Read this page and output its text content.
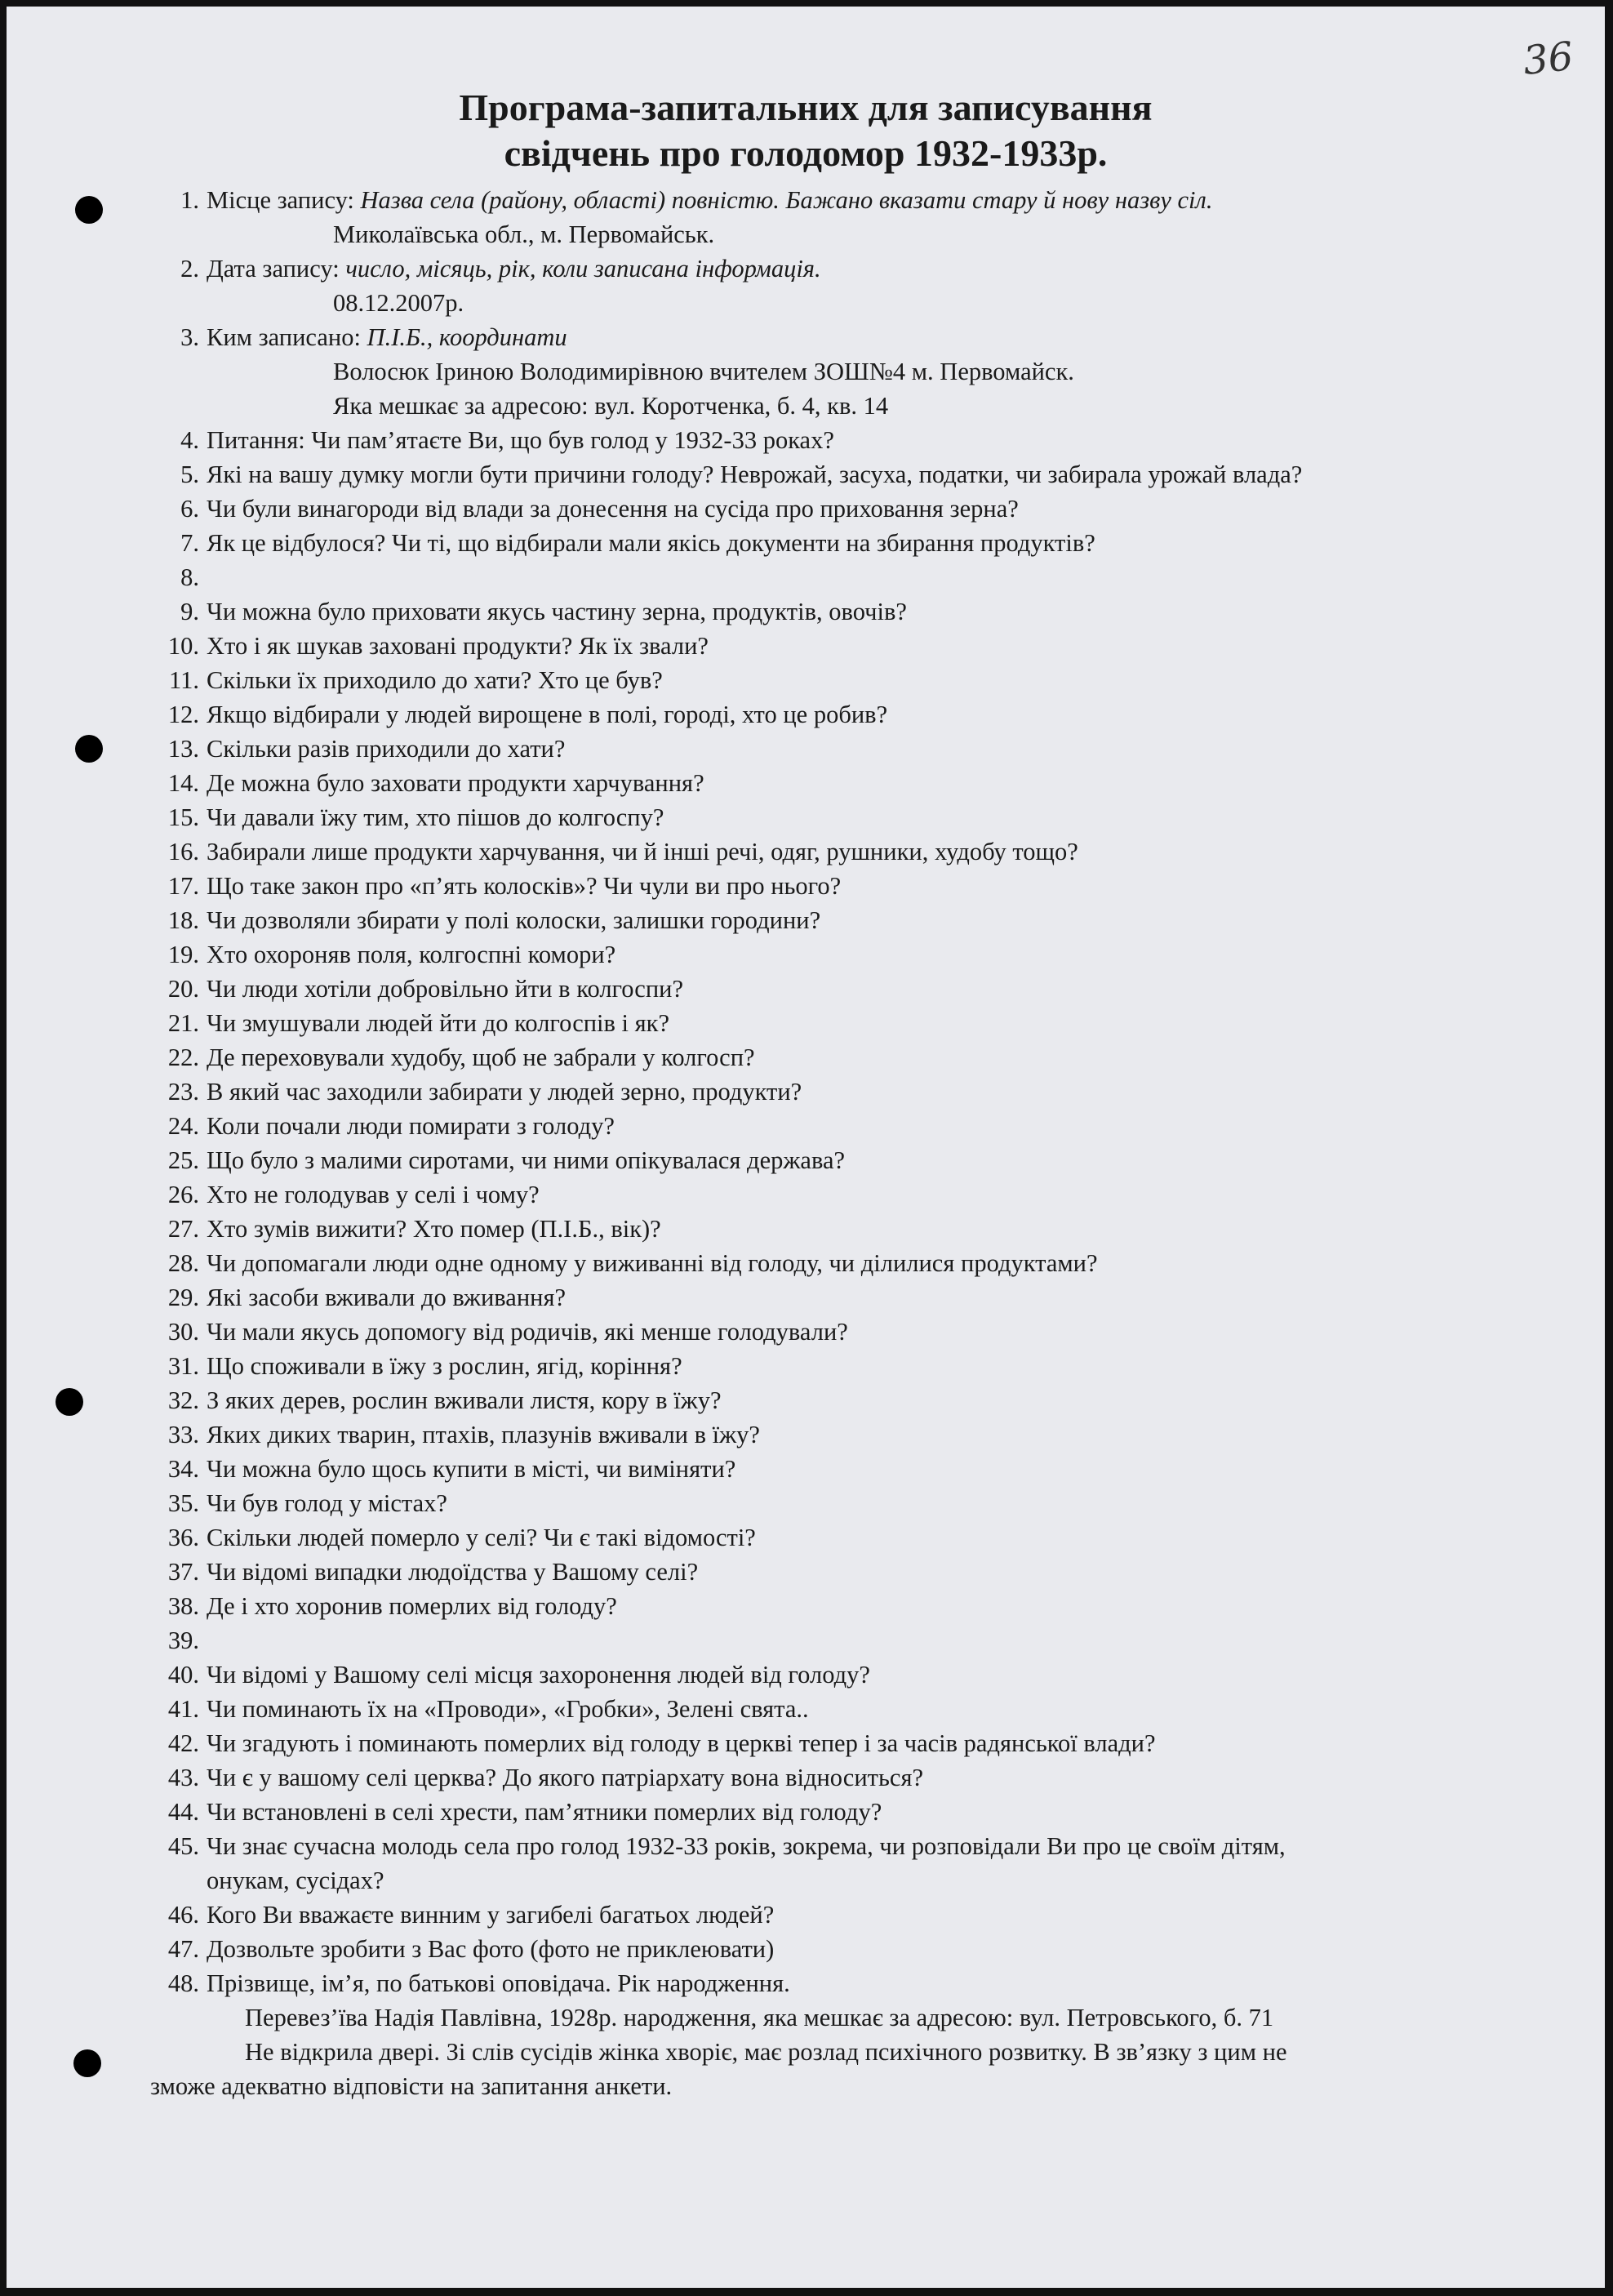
36
Програма-запитальних для записування
свідчень про голодомор 1932-1933р.
1. Місце запису: Назва села (району, області) повністю. Бажано вказати стару й нову назву сіл.
Миколаївська обл., м. Первомайськ.
2. Дата запису: число, місяць, рік, коли записана інформація.
08.12.2007р.
3. Ким записано: П.І.Б., координати
Волосюк Іриною Володимирівною вчителем ЗОШ№4 м. Первомайск.
Яка мешкає за адресою: вул. Коротченка, б. 4, кв. 14
4. Питання: Чи пам’ятаєте Ви, що був голод у 1932-33 роках?
5. Які на вашу думку могли бути причини голоду? Неврожай, засуха, податки, чи забирала урожай влада?
6. Чи були винагороди від влади за донесення на сусіда про приховання зерна?
7. Як це відбулося? Чи ті, що відбирали мали якісь документи на збирання продуктів?
8.
9. Чи можна було приховати якусь частину зерна, продуктів, овочів?
10. Хто і як шукав заховані продукти? Як їх звали?
11. Скільки їх приходило до хати? Хто це був?
12. Якщо відбирали у людей вирощене в полі, городі, хто це робив?
13. Скільки разів приходили до хати?
14. Де можна було заховати продукти харчування?
15. Чи давали їжу тим, хто пішов до колгоспу?
16. Забирали лише продукти харчування, чи й інші речі, одяг, рушники, худобу тощо?
17. Що таке закон про «п’ять колосків»? Чи чули ви про нього?
18. Чи дозволяли збирати у полі колоски, залишки городини?
19. Хто охороняв поля, колгоспні комори?
20. Чи люди хотіли добровільно йти в колгоспи?
21. Чи змушували людей йти до колгоспів і як?
22. Де переховували худобу, щоб не забрали у колгосп?
23. В який час заходили забирати у людей зерно, продукти?
24. Коли почали люди помирати з голоду?
25. Що було з малими сиротами, чи ними опікувалася держава?
26. Хто не голодував у селі і чому?
27. Хто зумів вижити? Хто помер (П.І.Б., вік)?
28. Чи допомагали люди одне одному у виживанні від голоду, чи ділилися продуктами?
29. Які засоби вживали до вживання?
30. Чи мали якусь допомогу від родичів, які менше голодували?
31. Що споживали в їжу з рослин, ягід, коріння?
32. З яких дерев, рослин вживали листя, кору в їжу?
33. Яких диких тварин, птахів, плазунів вживали в їжу?
34. Чи можна було щось купити в місті, чи виміняти?
35. Чи був голод у містах?
36. Скільки людей померло у селі? Чи є такі відомості?
37. Чи відомі випадки людоїдства у Вашому селі?
38. Де і хто хоронив померлих від голоду?
39.
40. Чи відомі у Вашому селі місця захоронення людей від голоду?
41. Чи поминають їх на «Проводи», «Гробки», Зелені свята..
42. Чи згадують і поминають померлих від голоду в церкві тепер і за часів радянської влади?
43. Чи є у вашому селі церква? До якого патріархату вона відноситься?
44. Чи встановлені в селі хрести, пам’ятники померлих від голоду?
45. Чи знає сучасна молодь села про голод 1932-33 років, зокрема, чи розповідали Ви про це своїм дітям,
онукам, сусідах?
46. Кого Ви вважаєте винним у загибелі багатьох людей?
47. Дозвольте зробити з Вас фото (фото не приклеювати)
48. Прізвище, ім’я, по батькові оповідача. Рік народження.
Перевез’їва Надія Павлівна, 1928р. народження, яка мешкає за адресою: вул. Петровського, б. 71
Не відкрила двері. Зі слів сусідів жінка хворіє, має розлад психічного розвитку. В зв’язку з цим не
зможе адекватно відповісти на запитання анкети.
